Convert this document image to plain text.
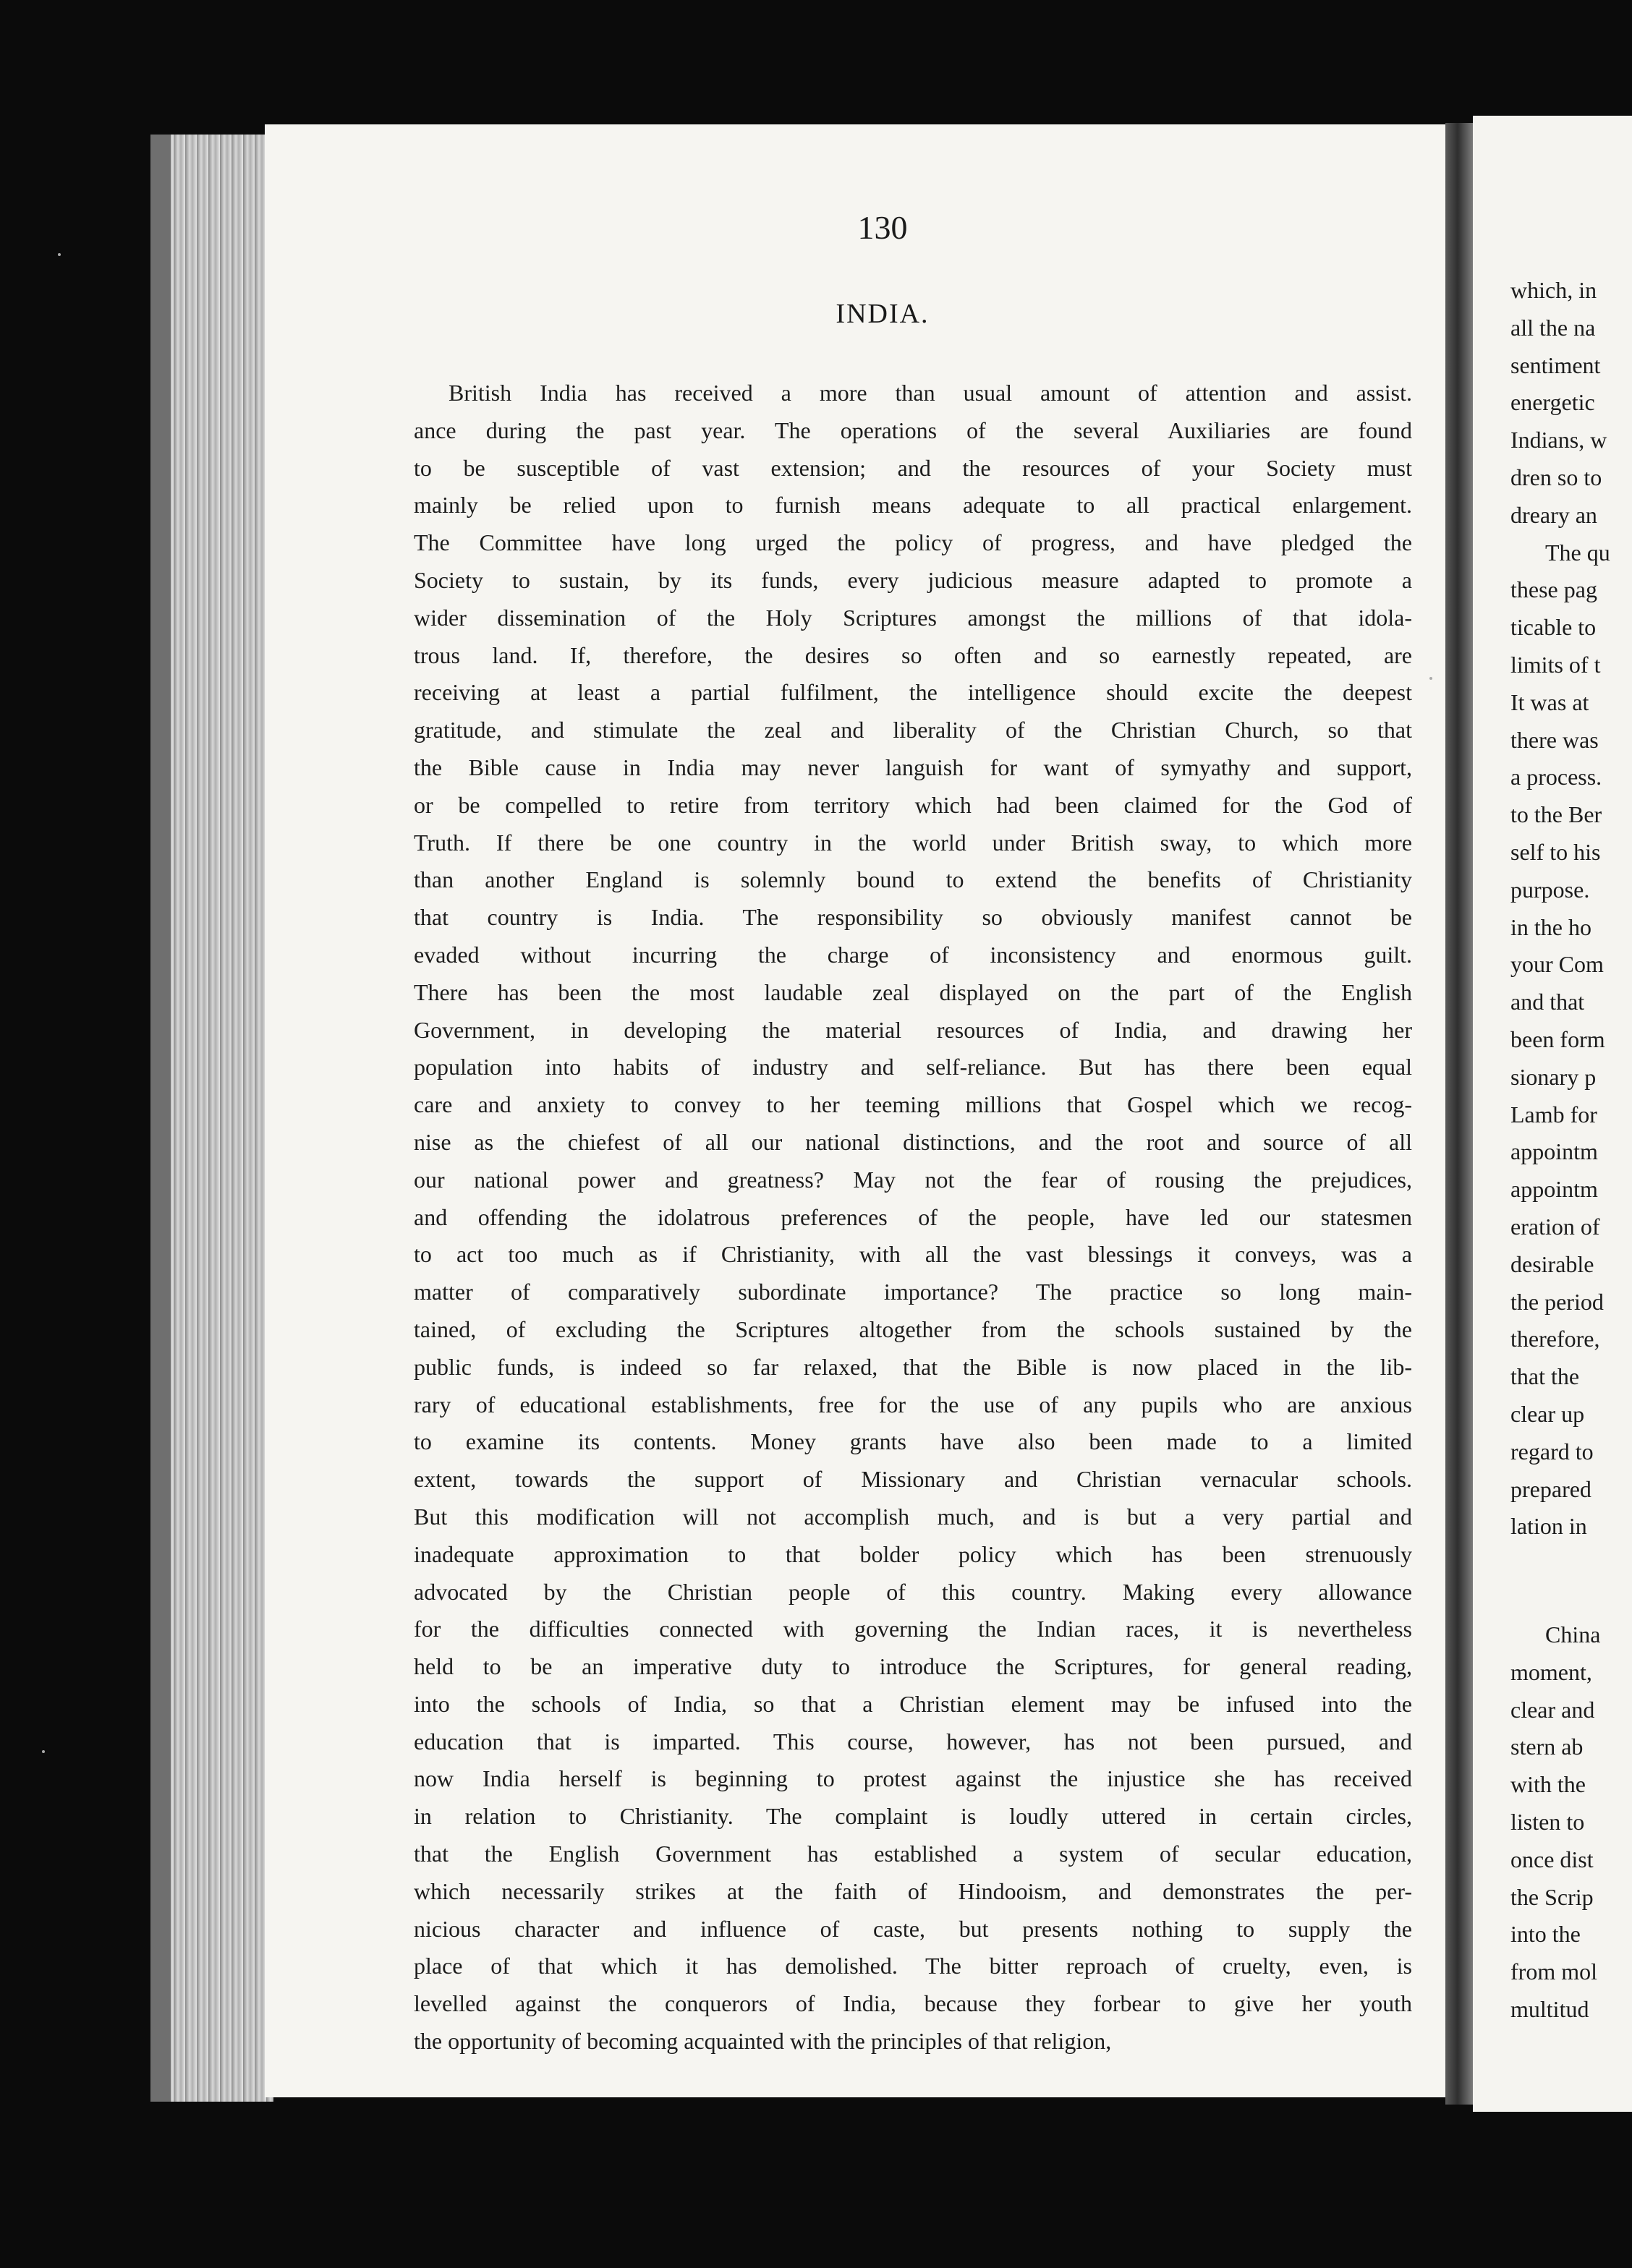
130
INDIA.
British India has received a more than usual amount of attention and assist.
ance during the past year. The operations of the several Auxiliaries are found
to be susceptible of vast extension; and the resources of your Society must
mainly be relied upon to furnish means adequate to all practical enlargement.
The Committee have long urged the policy of progress, and have pledged the
Society to sustain, by its funds, every judicious measure adapted to promote a
wider dissemination of the Holy Scriptures amongst the millions of that idola-
trous land. If, therefore, the desires so often and so earnestly repeated, are
receiving at least a partial fulfilment, the intelligence should excite the deepest
gratitude, and stimulate the zeal and liberality of the Christian Church, so that
the Bible cause in India may never languish for want of symyathy and support,
or be compelled to retire from territory which had been claimed for the God of
Truth. If there be one country in the world under British sway, to which more
than another England is solemnly bound to extend the benefits of Christianity
that country is India. The responsibility so obviously manifest cannot be
evaded without incurring the charge of inconsistency and enormous guilt.
There has been the most laudable zeal displayed on the part of the English
Government, in developing the material resources of India, and drawing her
population into habits of industry and self-reliance. But has there been equal
care and anxiety to convey to her teeming millions that Gospel which we recog-
nise as the chiefest of all our national distinctions, and the root and source of all
our national power and greatness? May not the fear of rousing the prejudices,
and offending the idolatrous preferences of the people, have led our statesmen
to act too much as if Christianity, with all the vast blessings it conveys, was a
matter of comparatively subordinate importance? The practice so long main-
tained, of excluding the Scriptures altogether from the schools sustained by the
public funds, is indeed so far relaxed, that the Bible is now placed in the lib-
rary of educational establishments, free for the use of any pupils who are anxious
to examine its contents. Money grants have also been made to a limited
extent, towards the support of Missionary and Christian vernacular schools.
But this modification will not accomplish much, and is but a very partial and
inadequate approximation to that bolder policy which has been strenuously
advocated by the Christian people of this country. Making every allowance
for the difficulties connected with governing the Indian races, it is nevertheless
held to be an imperative duty to introduce the Scriptures, for general reading,
into the schools of India, so that a Christian element may be infused into the
education that is imparted. This course, however, has not been pursued, and
now India herself is beginning to protest against the injustice she has received
in relation to Christianity. The complaint is loudly uttered in certain circles,
that the English Government has established a system of secular education,
which necessarily strikes at the faith of Hindooism, and demonstrates the per-
nicious character and influence of caste, but presents nothing to supply the
place of that which it has demolished. The bitter reproach of cruelty, even, is
levelled against the conquerors of India, because they forbear to give her youth
the opportunity of becoming acquainted with the principles of that religion,
which, in
all the na
sentiment
energetic
Indians, w
dren so to
dreary an
The qu
these pag
ticable to
limits of t
It was at
there was
a process.
to the Ber
self to his
purpose.
in the ho
your Com
and that
been form
sionary p
Lamb for
appointm
appointm
eration of
desirable
the period
therefore,
that the
clear up
regard to
prepared
lation in
China
moment,
clear and
stern ab
with the
listen to
once dist
the Scrip
into the
from mol
multitud
